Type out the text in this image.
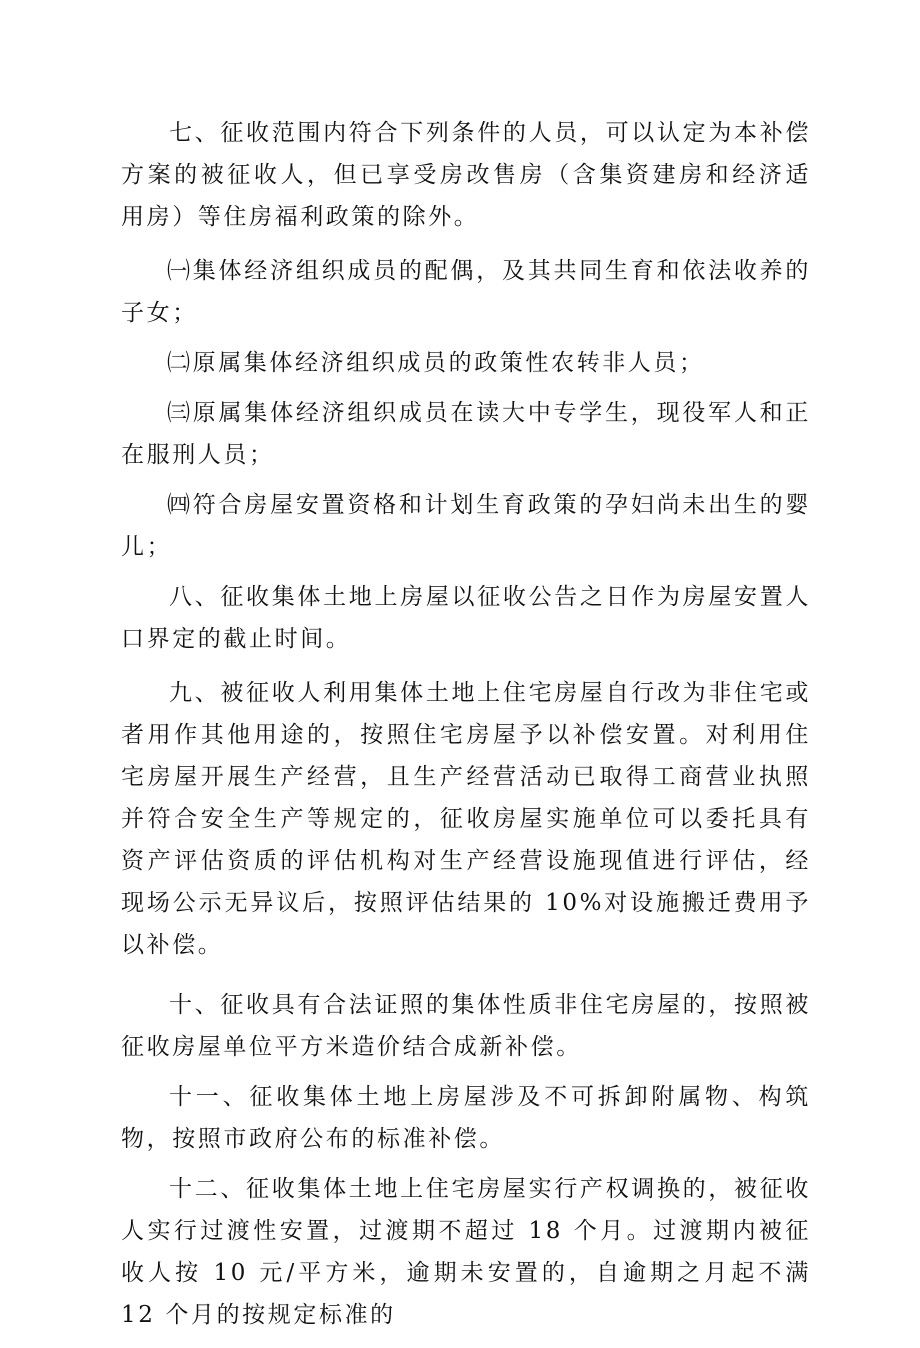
七、征收范围内符合下列条件的人员，可以认定为本补偿方案的被征收人，但已享受房改售房（含集资建房和经济适用房）等住房福利政策的除外。

㈠集体经济组织成员的配偶，及其共同生育和依法收养的子女；

㈡原属集体经济组织成员的政策性农转非人员；

㈢原属集体经济组织成员在读大中专学生，现役军人和正在服刑人员；

㈣符合房屋安置资格和计划生育政策的孕妇尚未出生的婴儿；

八、征收集体土地上房屋以征收公告之日作为房屋安置人口界定的截止时间。

九、被征收人利用集体土地上住宅房屋自行改为非住宅或者用作其他用途的，按照住宅房屋予以补偿安置。对利用住宅房屋开展生产经营，且生产经营活动已取得工商营业执照并符合安全生产等规定的，征收房屋实施单位可以委托具有资产评估资质的评估机构对生产经营设施现值进行评估，经现场公示无异议后，按照评估结果的 10%对设施搬迁费用予以补偿。

十、征收具有合法证照的集体性质非住宅房屋的，按照被征收房屋单位平方米造价结合成新补偿。

十一、征收集体土地上房屋涉及不可拆卸附属物、构筑物，按照市政府公布的标准补偿。

十二、征收集体土地上住宅房屋实行产权调换的，被征收人实行过渡性安置，过渡期不超过 18 个月。过渡期内被征收人按 10 元/平方米，逾期未安置的，自逾期之月起不满 12 个月的按规定标准的
